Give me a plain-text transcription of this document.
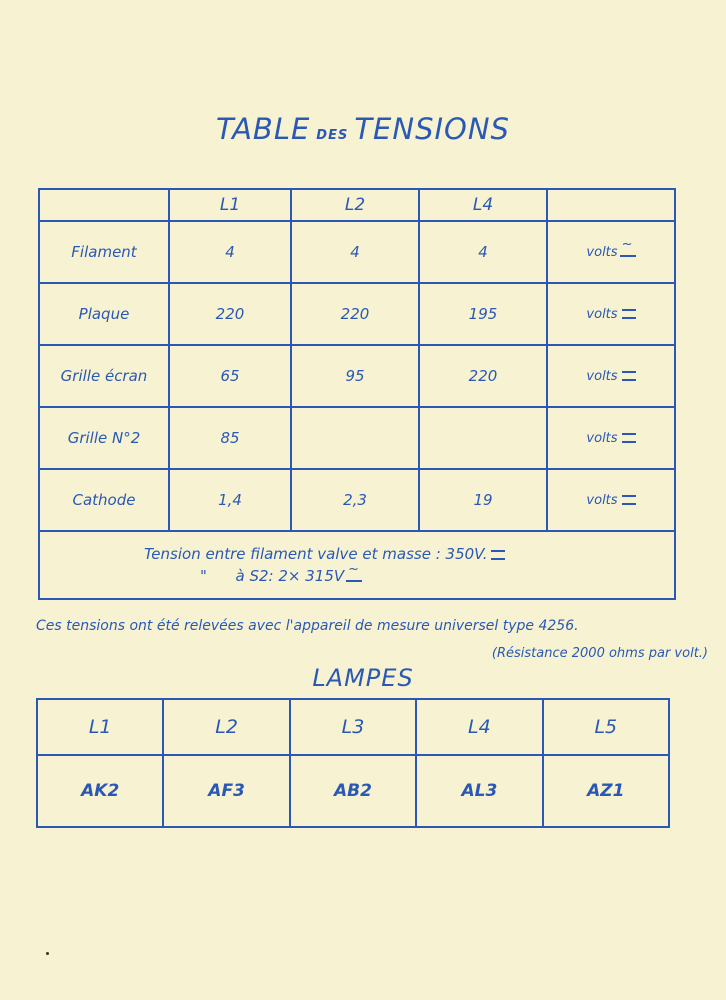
TABLE DES TENSIONS
	L1	L2	L4	
Filament	4	4	4	volts~
Plaque	220	220	195	volts
Grille écran	65	95	220	volts
Grille N°2	85			volts
Cathode	1,4	2,3	19	volts

Tension entre filament valve et masse : 350V.
"      à S2: 2× 315V~
Ces tensions ont été relevées avec l'appareil de mesure universel type 4256.
(Résistance 2000 ohms par volt.)
LAMPES
L1	L2	L3	L4	L5
AK2	AF3	AB2	AL3	AZ1
